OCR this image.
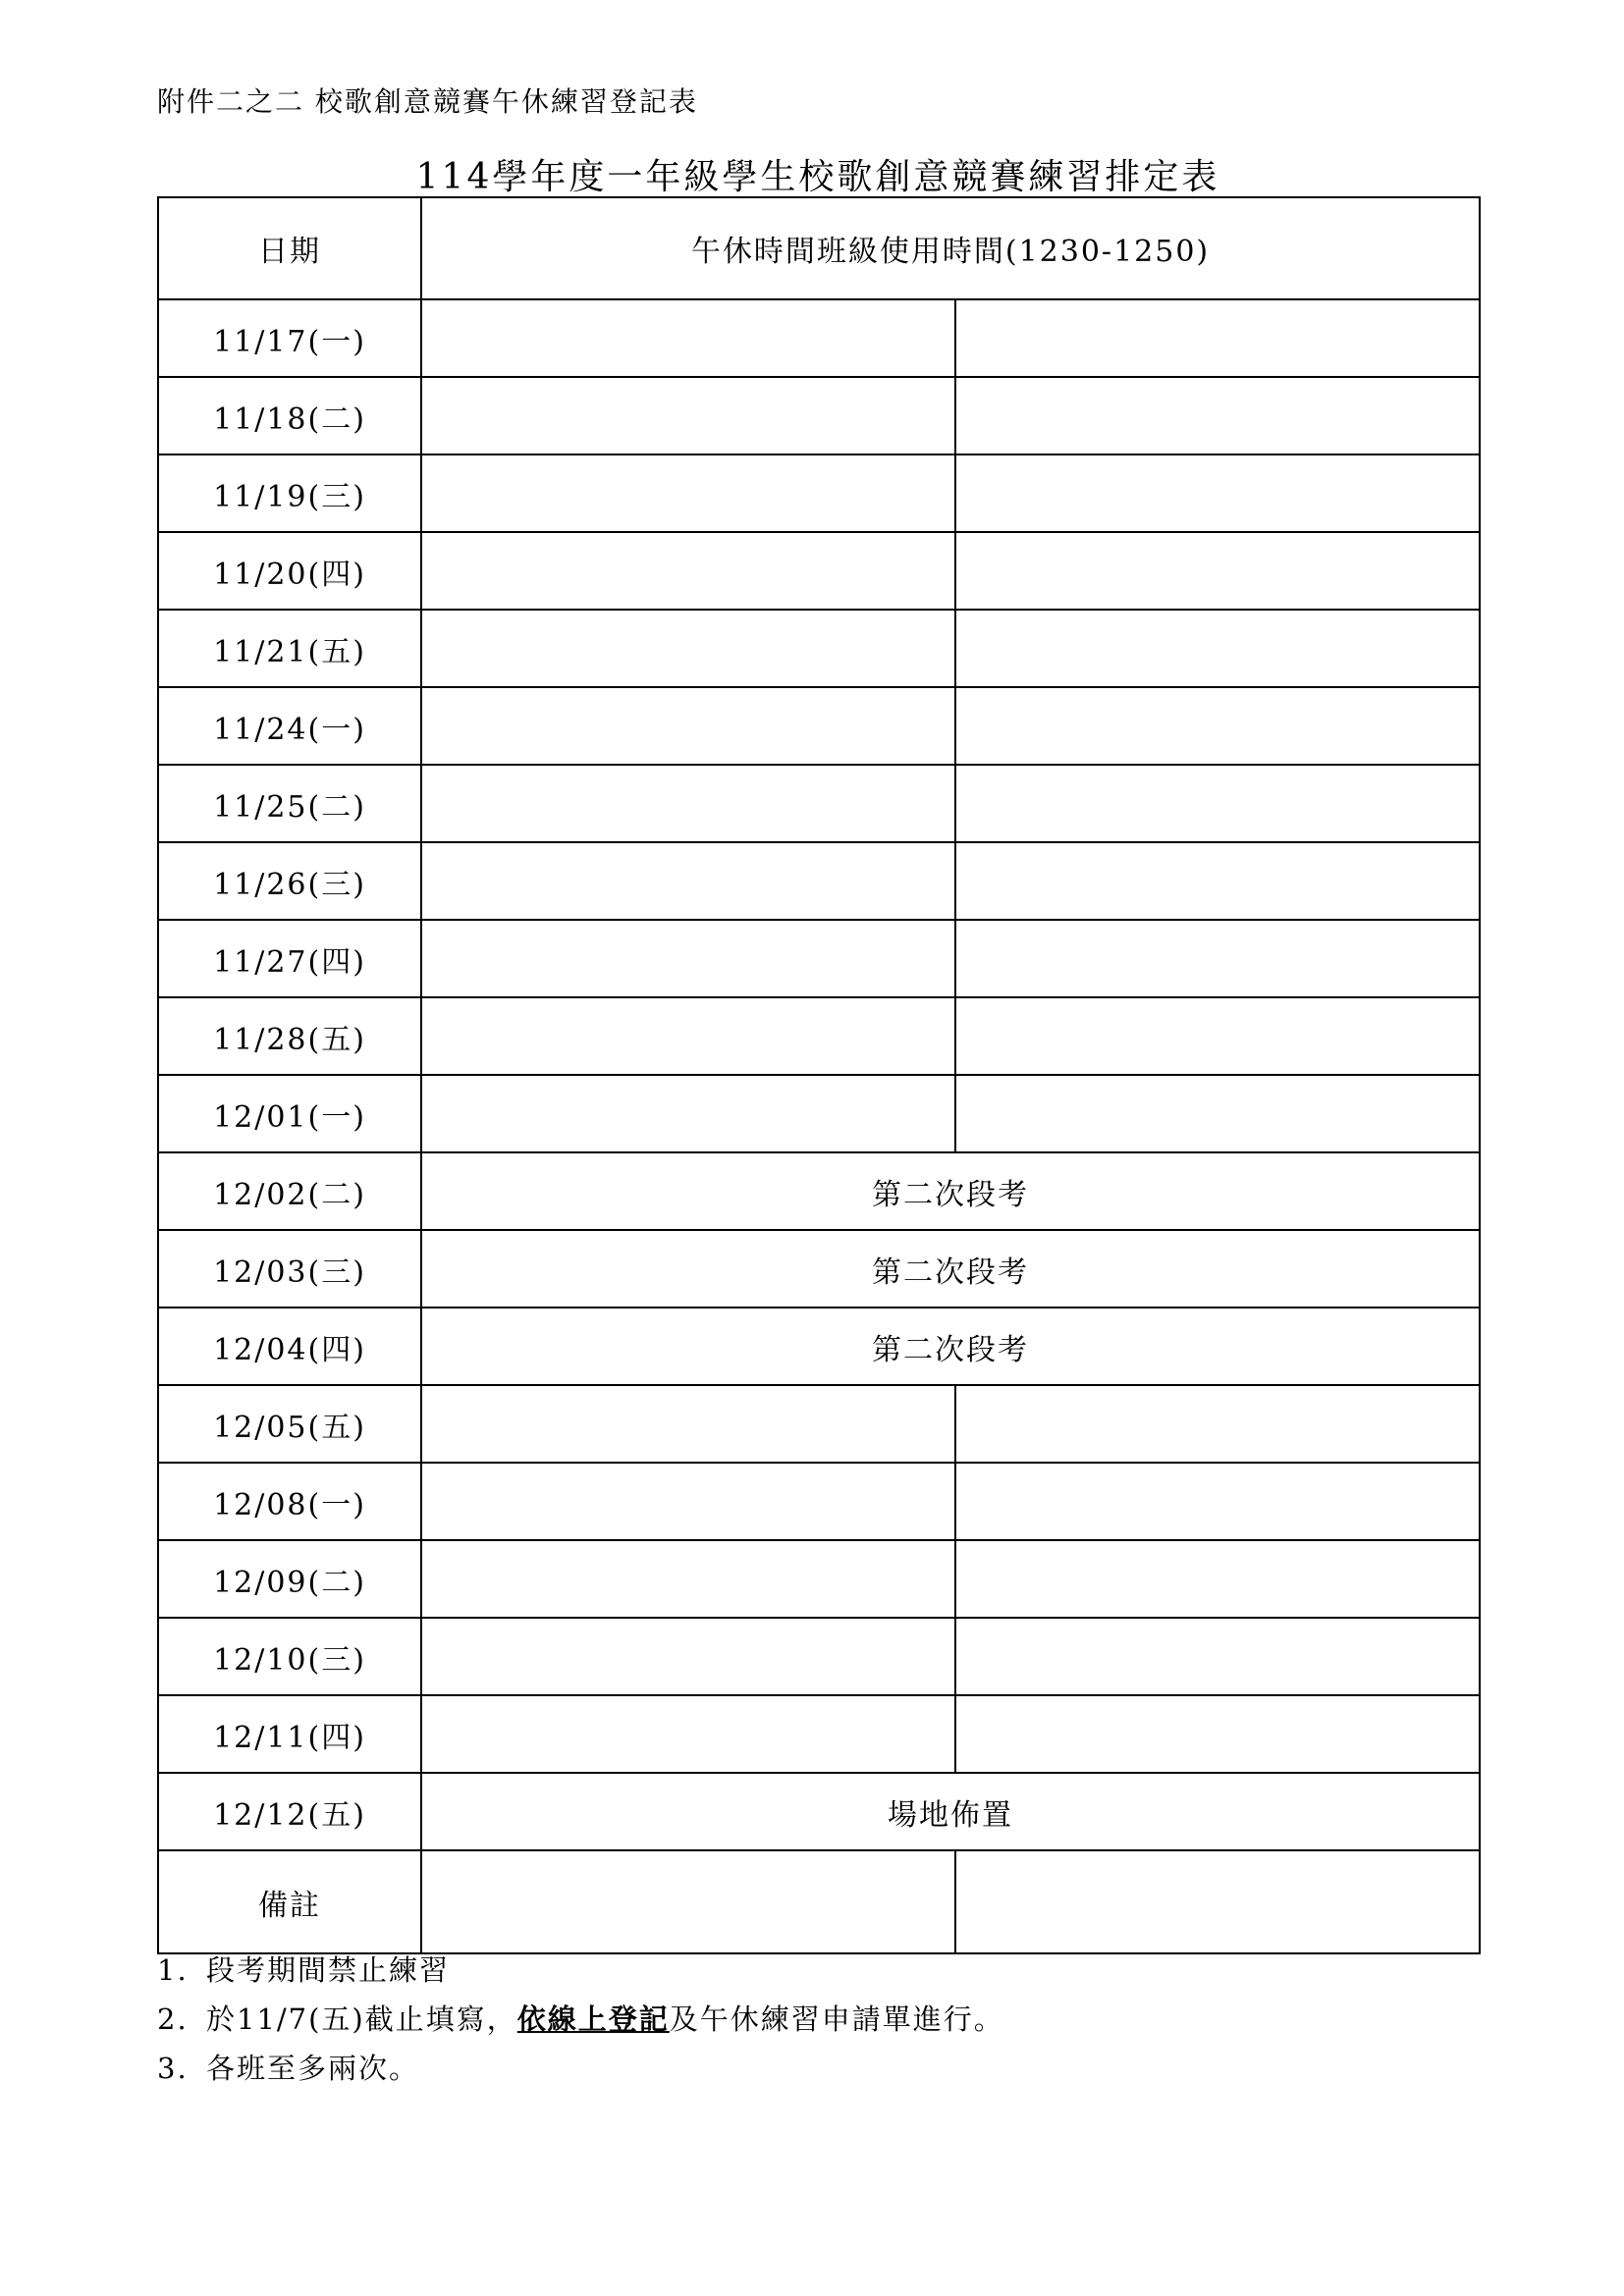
附件二之二 校歌創意競賽午休練習登記表
114學年度一年級學生校歌創意競賽練習排定表
日期	午休時間班級使用時間(1230-1250)	
11/17(一)		
11/18(二)		
11/19(三)		
11/20(四)		
11/21(五)		
11/24(一)		
11/25(二)		
11/26(三)		
11/27(四)		
11/28(五)		
12/01(一)		
12/02(二)	第二次段考	
12/03(三)	第二次段考	
12/04(四)	第二次段考	
12/05(五)		
12/08(一)		
12/09(二)		
12/10(三)		
12/11(四)		
12/12(五)	場地佈置	
備註		
1. 段考期間禁止練習
2. 於11/7(五)截止填寫，依線上登記及午休練習申請單進行。
3. 各班至多兩次。
